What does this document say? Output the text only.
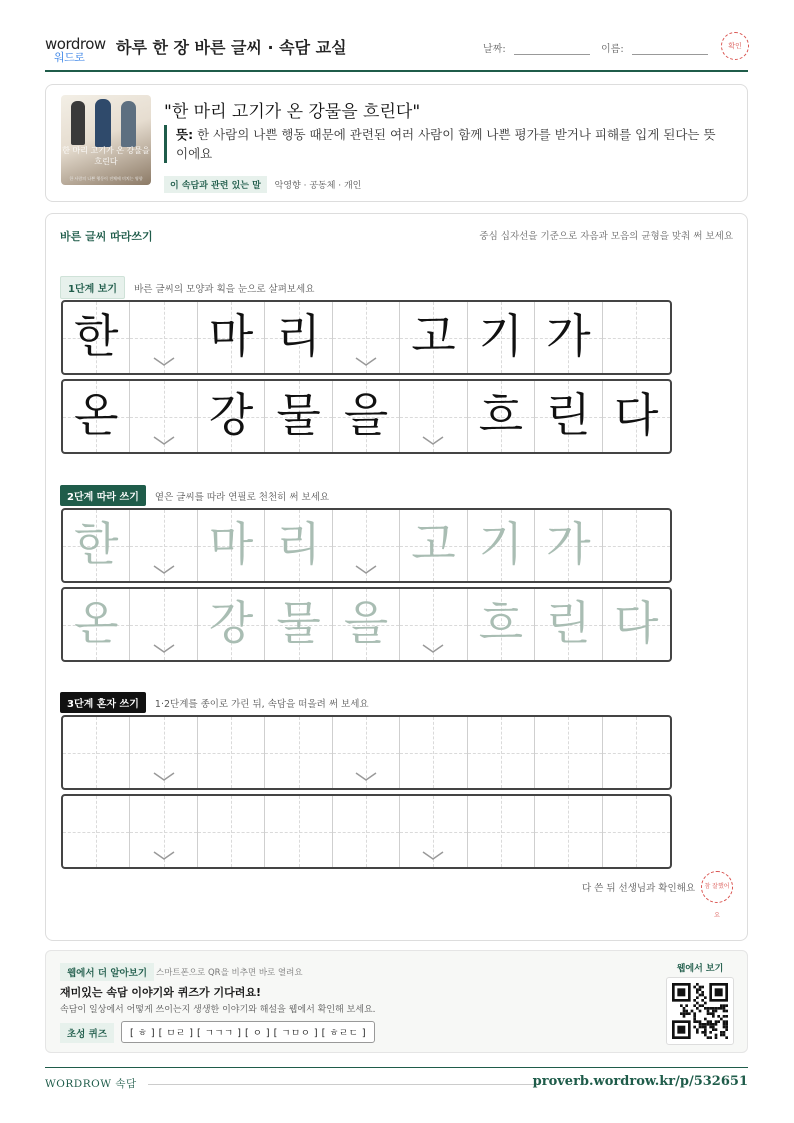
wordrow
워드로
하루 한 장 바른 글씨 · 속담 교실	날짜:	이름:	확인
한 마리 고기가 온 강물을 흐린다
한 사람의 나쁜 행동이 전체에 미치는 영향
"한 마리 고기가 온 강물을 흐린다"
뜻: 한 사람의 나쁜 행동 때문에 관련된 여러 사람이 함께 나쁜 평가를 받거나 피해를 입게 된다는 뜻이에요
이 속담과 관련 있는 말 악영향 · 공동체 · 개인
바른 글씨 따라쓰기	중심 십자선을 기준으로 자음과 모음의 균형을 맞춰 써 보세요
1단계 보기 바른 글씨의 모양과 획을 눈으로 살펴보세요
한 마 리 고 기 가
온 강 물 을 흐 린 다
2단계 따라 쓰기 옅은 글씨를 따라 연필로 천천히 써 보세요
한 마 리 고 기 가
온 강 물 을 흐 린 다
3단계 혼자 쓰기 1·2단계를 종이로 가린 뒤, 속담을 떠올려 써 보세요
다 쓴 뒤 선생님과 확인해요	참 잘했어요
웹에서 더 알아보기	스마트폰으로 QR을 비추면 바로 열려요
재미있는 속담 이야기와 퀴즈가 기다려요!
속담이 일상에서 어떻게 쓰이는지 생생한 이야기와 해설을 웹에서 확인해 보세요.
초성 퀴즈	[ ㅎ ] [ ㅁㄹ ] [ ㄱㄱㄱ ] [ ㅇ ] [ ㄱㅁㅇ ] [ ㅎㄹㄷ ]
웹에서 보기
WORDROW 속담	proverb.wordrow.kr/p/532651
